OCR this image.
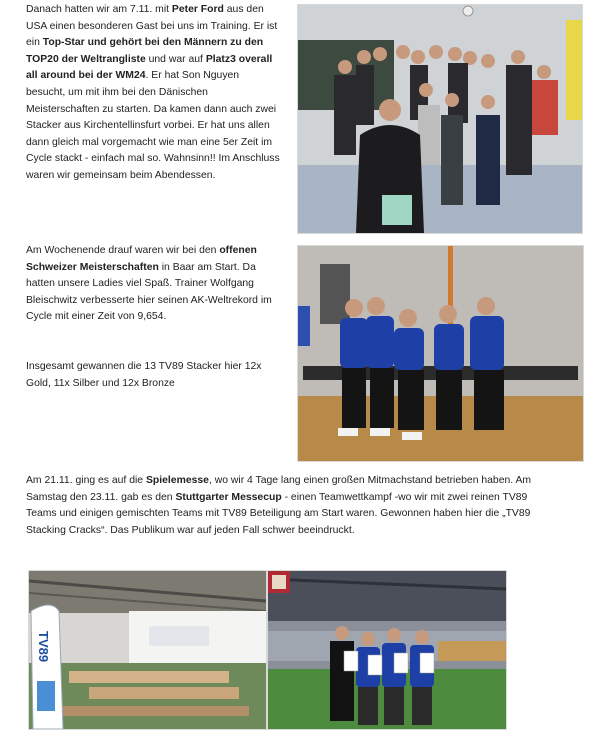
Danach hatten wir am 7.11. mit Peter Ford aus den USA einen besonderen Gast bei uns im Training. Er ist ein Top-Star und gehört bei den Männern zu den TOP20 der Weltrangliste und war auf Platz3 overall all around bei der WM24. Er hat Son Nguyen besucht, um mit ihm bei den Dänischen Meisterschaften zu starten. Da kamen dann auch zwei Stacker aus Kirchentellinsfurt vorbei. Er hat uns allen dann gleich mal vorgemacht wie man eine 5er Zeit im Cycle stackt - einfach mal so. Wahnsinn!! Im Anschluss waren wir gemeinsam beim Abendessen.

Am Wochenende drauf waren wir bei den offenen Schweizer Meisterschaften in Baar am Start. Da hatten unsere Ladies viel Spaß. Trainer Wolfgang Bleischwitz verbesserte hier seinen AK-Weltrekord im Cycle mit einer Zeit von 9,654.

Insgesamt gewannen die 13 TV89 Stacker hier 12x Gold, 11x Silber und 12x Bronze

Am 21.11. ging es auf die Spielemesse, wo wir 4 Tage lang einen großen Mitmachstand betrieben haben. Am Samstag den 23.11. gab es den Stuttgarter Messecup - einen Teamwettkampf -wo wir mit zwei reinen TV89 Teams und einigen gemischten Teams mit TV89 Beteiligung am Start waren. Gewonnen haben hier die „TV89 Stacking Cracks“. Das Publikum war auf jeden Fall schwer beeindruckt.

TV89
